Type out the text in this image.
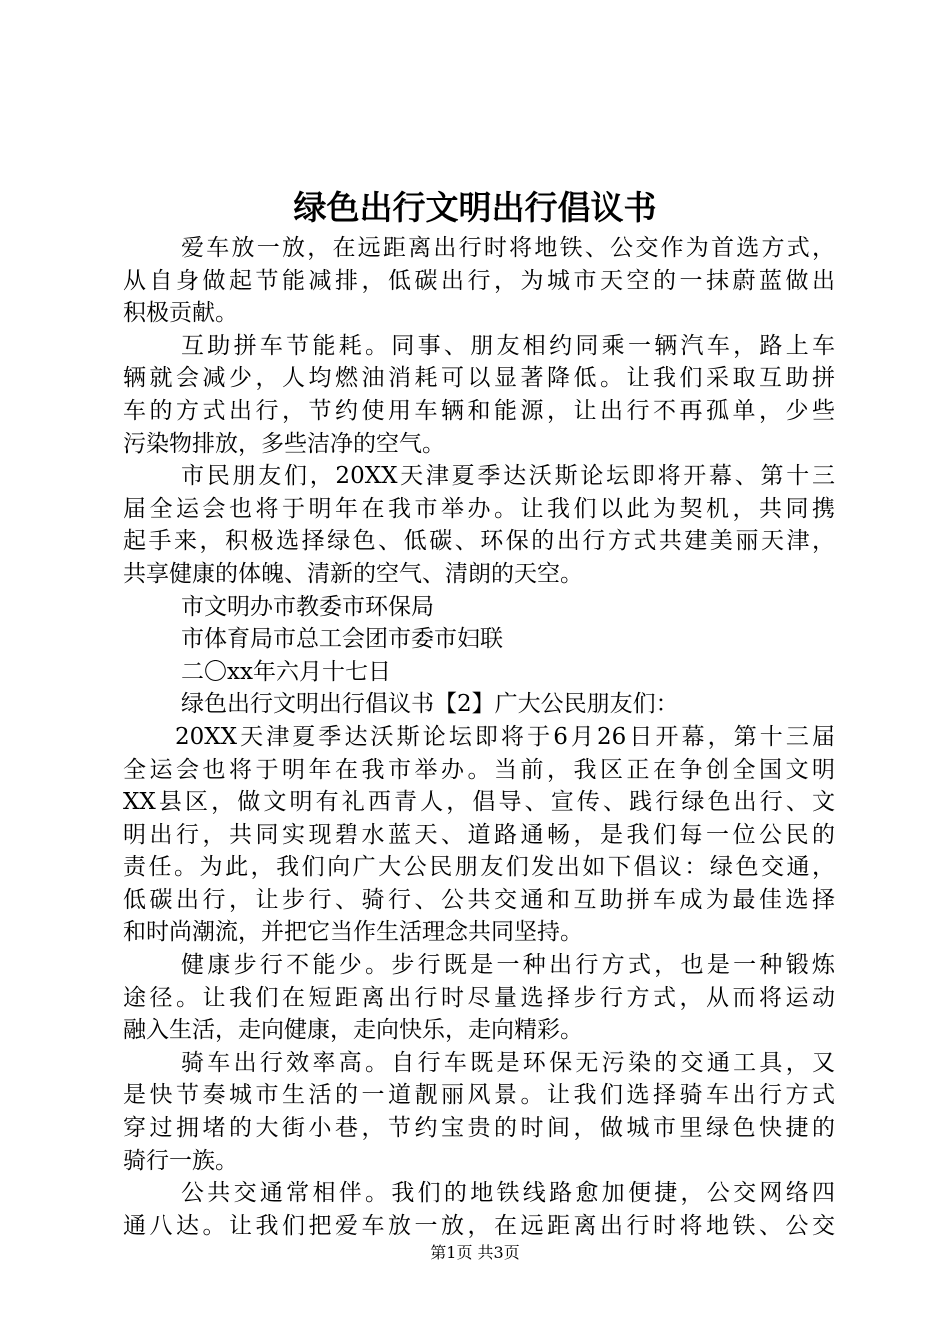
绿色出行文明出行倡议书
爱车放一放，在远距离出行时将地铁、公交作为首选方式，
从自身做起节能减排，低碳出行，为城市天空的一抹蔚蓝做出
积极贡献。
互助拼车节能耗。同事、朋友相约同乘一辆汽车，路上车
辆就会减少，人均燃油消耗可以显著降低。让我们采取互助拼
车的方式出行，节约使用车辆和能源，让出行不再孤单，少些
污染物排放，多些洁净的空气。
市民朋友们，20XX天津夏季达沃斯论坛即将开幕、第十三
届全运会也将于明年在我市举办。让我们以此为契机，共同携
起手来，积极选择绿色、低碳、环保的出行方式共建美丽天津，
共享健康的体魄、清新的空气、清朗的天空。
市文明办市教委市环保局
市体育局市总工会团市委市妇联
二〇xx年六月十七日
绿色出行文明出行倡议书【2】广大公民朋友们：
20XX天津夏季达沃斯论坛即将于6月26日开幕，第十三届
全运会也将于明年在我市举办。当前，我区正在争创全国文明
XX县区，做文明有礼西青人，倡导、宣传、践行绿色出行、文
明出行，共同实现碧水蓝天、道路通畅，是我们每一位公民的
责任。为此，我们向广大公民朋友们发出如下倡议：绿色交通，
低碳出行，让步行、骑行、公共交通和互助拼车成为最佳选择
和时尚潮流，并把它当作生活理念共同坚持。
健康步行不能少。步行既是一种出行方式，也是一种锻炼
途径。让我们在短距离出行时尽量选择步行方式，从而将运动
融入生活，走向健康，走向快乐，走向精彩。
骑车出行效率高。自行车既是环保无污染的交通工具，又
是快节奏城市生活的一道靓丽风景。让我们选择骑车出行方式
穿过拥堵的大街小巷，节约宝贵的时间，做城市里绿色快捷的
骑行一族。
公共交通常相伴。我们的地铁线路愈加便捷，公交网络四
通八达。让我们把爱车放一放，在远距离出行时将地铁、公交
第1页 共3页
